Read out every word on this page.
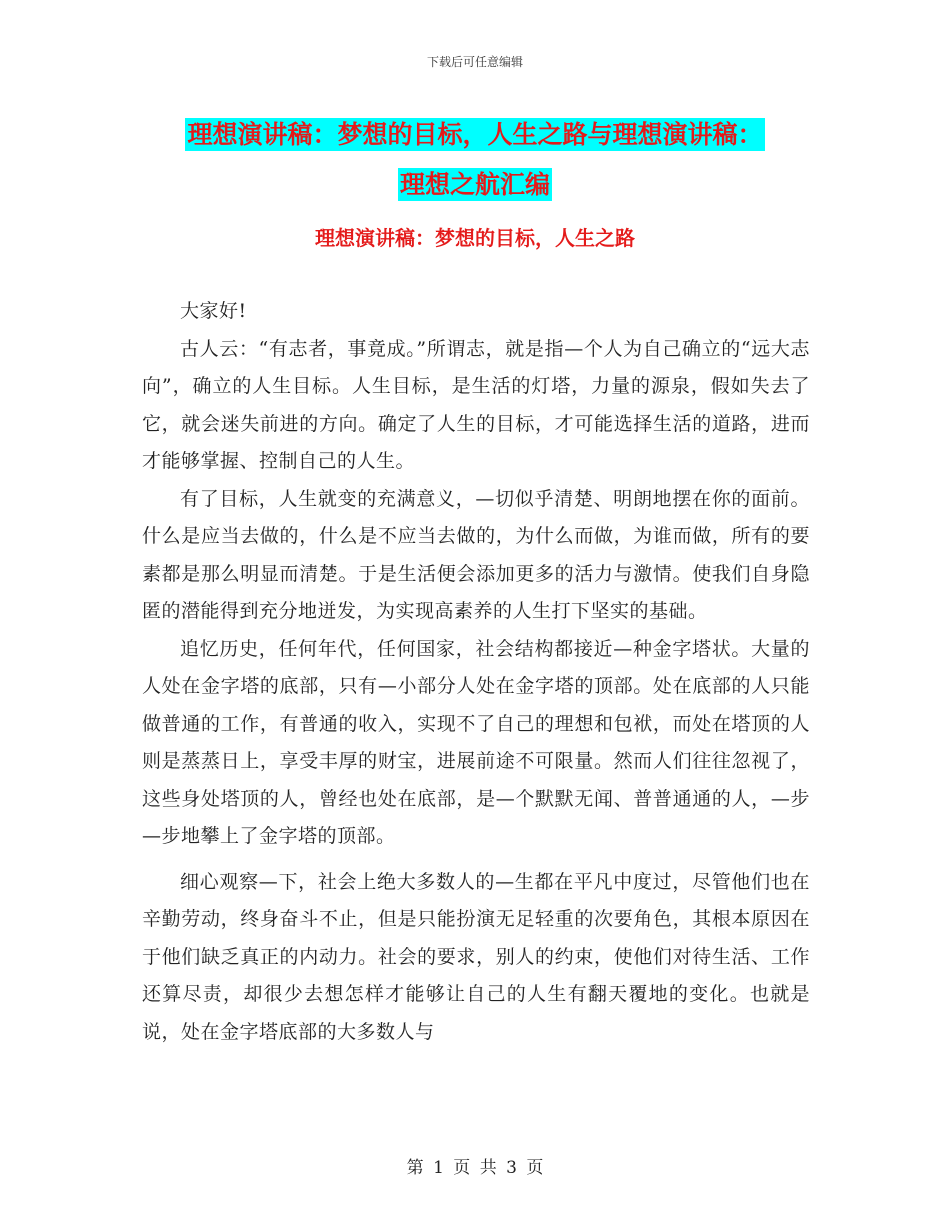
下载后可任意编辑
理想演讲稿：梦想的目标，人生之路与理想演讲稿：
理想之航汇编
理想演讲稿：梦想的目标，人生之路

大家好!

古人云：“有志者，事竟成。”所谓志，就是指—个人为自己确立的“远大志向”，确立的人生目标。人生目标，是生活的灯塔，力量的源泉，假如失去了它，就会迷失前进的方向。确定了人生的目标，才可能选择生活的道路，进而才能够掌握、控制自己的人生。

有了目标，人生就变的充满意义，—切似乎清楚、明朗地摆在你的面前。什么是应当去做的，什么是不应当去做的，为什么而做，为谁而做，所有的要素都是那么明显而清楚。于是生活便会添加更多的活力与激情。使我们自身隐匿的潜能得到充分地迸发，为实现高素养的人生打下坚实的基础。

追忆历史，任何年代，任何国家，社会结构都接近—种金字塔状。大量的人处在金字塔的底部，只有—小部分人处在金字塔的顶部。处在底部的人只能做普通的工作，有普通的收入，实现不了自己的理想和包袱，而处在塔顶的人则是蒸蒸日上，享受丰厚的财宝，进展前途不可限量。然而人们往往忽视了，这些身处塔顶的人，曾经也处在底部，是—个默默无闻、普普通通的人，—步—步地攀上了金字塔的顶部。

细心观察—下，社会上绝大多数人的—生都在平凡中度过，尽管他们也在辛勤劳动，终身奋斗不止，但是只能扮演无足轻重的次要角色，其根本原因在于他们缺乏真正的内动力。社会的要求，别人的约束，使他们对待生活、工作还算尽责，却很少去想怎样才能够让自己的人生有翻天覆地的变化。也就是说，处在金字塔底部的大多数人与

第 1 页 共 3 页
